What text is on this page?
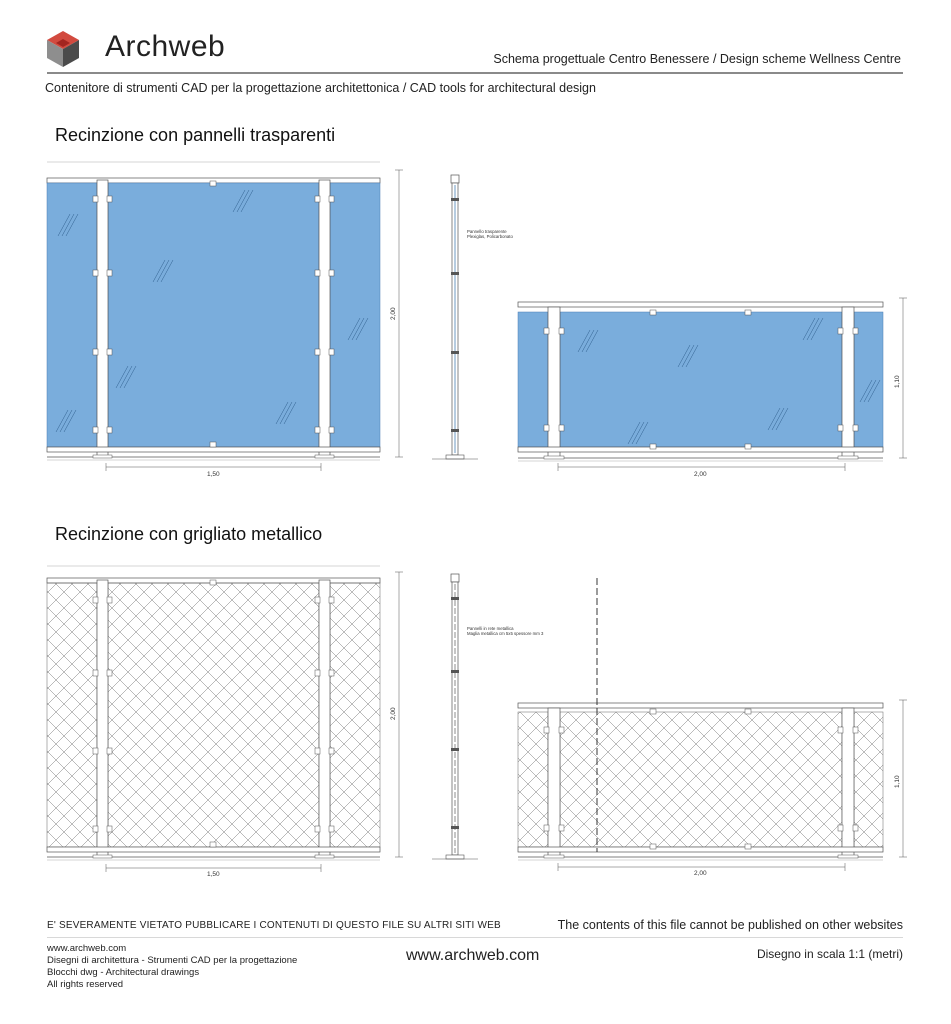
Archweb	Schema progettuale Centro Benessere / Design scheme Wellness Centre
Contenitore di strumenti CAD per la progettazione architettonica / CAD tools for architectural design
Recinzione con pannelli trasparenti
Recinzione con grigliato metallico
1,50
2,00
Pannello trasparente
Plexiglas, Policarbonato
2,00
1,10
1,50
2,00
Pannelli in rete metallica
Maglia metallica cm 5x5 spessore mm 3
2,00
1,10
E' SEVERAMENTE VIETATO PUBBLICARE I CONTENUTI DI QUESTO FILE SU ALTRI SITI WEB	The contents of this file cannot be published on other websites
www.archweb.com
Disegni di architettura - Strumenti CAD per la progettazione
Blocchi dwg - Architectural drawings
All rights reserved
www.archweb.com	Disegno in scala 1:1 (metri)
